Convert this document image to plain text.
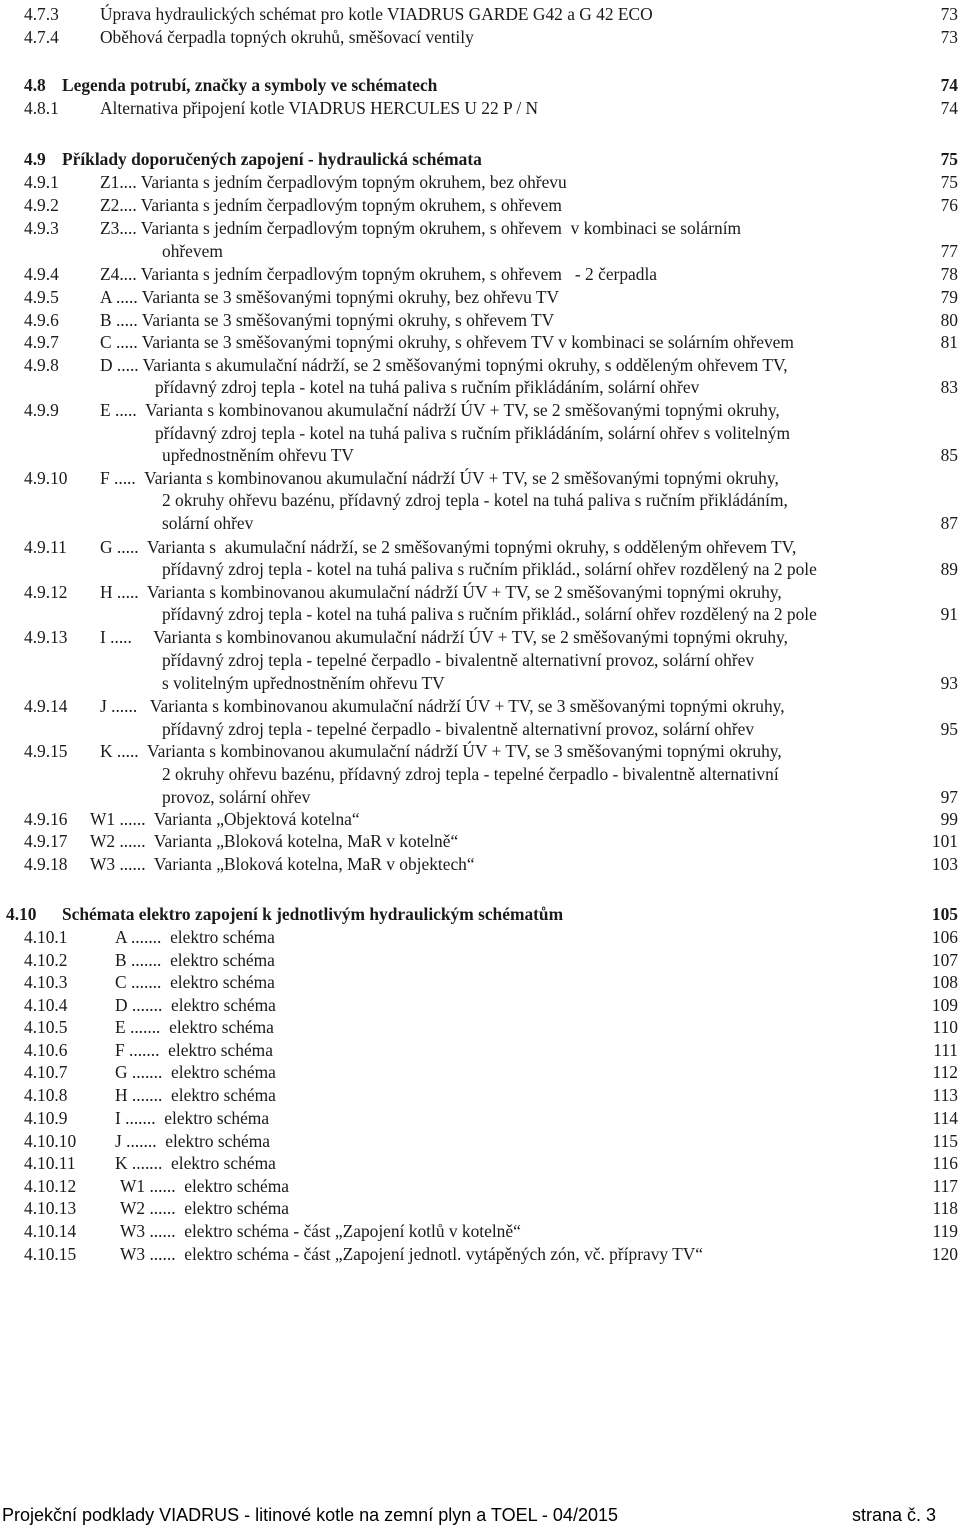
4.7.3 Úprava hydraulických schémat pro kotle VIADRUS GARDE G42 a G 42 ECO	73
4.7.4 Oběhová čerpadla topných okruhů, směšovací ventily	73
4.8 Legenda potrubí, značky a symboly ve schématech	74
4.8.1 Alternativa připojení kotle VIADRUS HERCULES U 22 P / N	74
4.9 Příklady doporučených zapojení - hydraulická schémata	75
4.9.1 Z1.... Varianta s jedním čerpadlovým topným okruhem, bez ohřevu	75
4.9.2 Z2.... Varianta s jedním čerpadlovým topným okruhem, s ohřevem	76
4.9.3 Z3.... Varianta s jedním čerpadlovým topným okruhem, s ohřevem  v kombinaci se solárním
ohřevem	77
4.9.4 Z4.... Varianta s jedním čerpadlovým topným okruhem, s ohřevem   - 2 čerpadla	78
4.9.5 A ..... Varianta se 3 směšovanými topnými okruhy, bez ohřevu TV	79
4.9.6 B ..... Varianta se 3 směšovanými topnými okruhy, s ohřevem TV	80
4.9.7 C ..... Varianta se 3 směšovanými topnými okruhy, s ohřevem TV v kombinaci se solárním ohřevem	81
4.9.8 D ..... Varianta s akumulační nádrží, se 2 směšovanými topnými okruhy, s odděleným ohřevem TV,
přídavný zdroj tepla - kotel na tuhá paliva s ručním přikládáním, solární ohřev	83
4.9.9 E .....  Varianta s kombinovanou akumulační nádrží ÚV + TV, se 2 směšovanými topnými okruhy,
přídavný zdroj tepla - kotel na tuhá paliva s ručním přikládáním, solární ohřev s volitelným
upřednostněním ohřevu TV	85
4.9.10 F .....  Varianta s kombinovanou akumulační nádrží ÚV + TV, se 2 směšovanými topnými okruhy,
2 okruhy ohřevu bazénu, přídavný zdroj tepla - kotel na tuhá paliva s ručním přikládáním,
solární ohřev	87
4.9.11 G .....  Varianta s  akumulační nádrží, se 2 směšovanými topnými okruhy, s odděleným ohřevem TV,
přídavný zdroj tepla - kotel na tuhá paliva s ručním přiklád., solární ohřev rozdělený na 2 pole	89
4.9.12 H .....  Varianta s kombinovanou akumulační nádrží ÚV + TV, se 2 směšovanými topnými okruhy,
přídavný zdroj tepla - kotel na tuhá paliva s ručním přiklád., solární ohřev rozdělený na 2 pole	91
4.9.13 I .....     Varianta s kombinovanou akumulační nádrží ÚV + TV, se 2 směšovanými topnými okruhy,
přídavný zdroj tepla - tepelné čerpadlo - bivalentně alternativní provoz, solární ohřev
s volitelným upřednostněním ohřevu TV	93
4.9.14 J ......   Varianta s kombinovanou akumulační nádrží ÚV + TV, se 3 směšovanými topnými okruhy,
přídavný zdroj tepla - tepelné čerpadlo - bivalentně alternativní provoz, solární ohřev	95
4.9.15 K .....  Varianta s kombinovanou akumulační nádrží ÚV + TV, se 3 směšovanými topnými okruhy,
2 okruhy ohřevu bazénu, přídavný zdroj tepla - tepelné čerpadlo - bivalentně alternativní
provoz, solární ohřev	97
4.9.16 W1 ......  Varianta „Objektová kotelna“	99
4.9.17 W2 ......  Varianta „Bloková kotelna, MaR v kotelně“	101
4.9.18 W3 ......  Varianta „Bloková kotelna, MaR v objektech“	103
4.10 Schémata elektro zapojení k jednotlivým hydraulickým schématům	105
4.10.1	A .......  elektro schéma	106
4.10.2	B .......  elektro schéma	107
4.10.3	C .......  elektro schéma	108
4.10.4	D .......  elektro schéma	109
4.10.5	E .......  elektro schéma	110
4.10.6	F .......  elektro schéma	111
4.10.7	G .......  elektro schéma	112
4.10.8	H .......  elektro schéma	113
4.10.9	I .......  elektro schéma	114
4.10.10 J .......  elektro schéma	115
4.10.11 K .......  elektro schéma	116
4.10.12	W1 ......  elektro schéma	117
4.10.13	W2 ......  elektro schéma	118
4.10.14	W3 ......  elektro schéma - část „Zapojení kotlů v kotelně“	119
4.10.15	W3 ......  elektro schéma - část „Zapojení jednotl. vytápěných zón, vč. přípravy TV“	120
Projekční podklady VIADRUS - litinové kotle na zemní plyn a TOEL - 04/2015	strana č. 3
